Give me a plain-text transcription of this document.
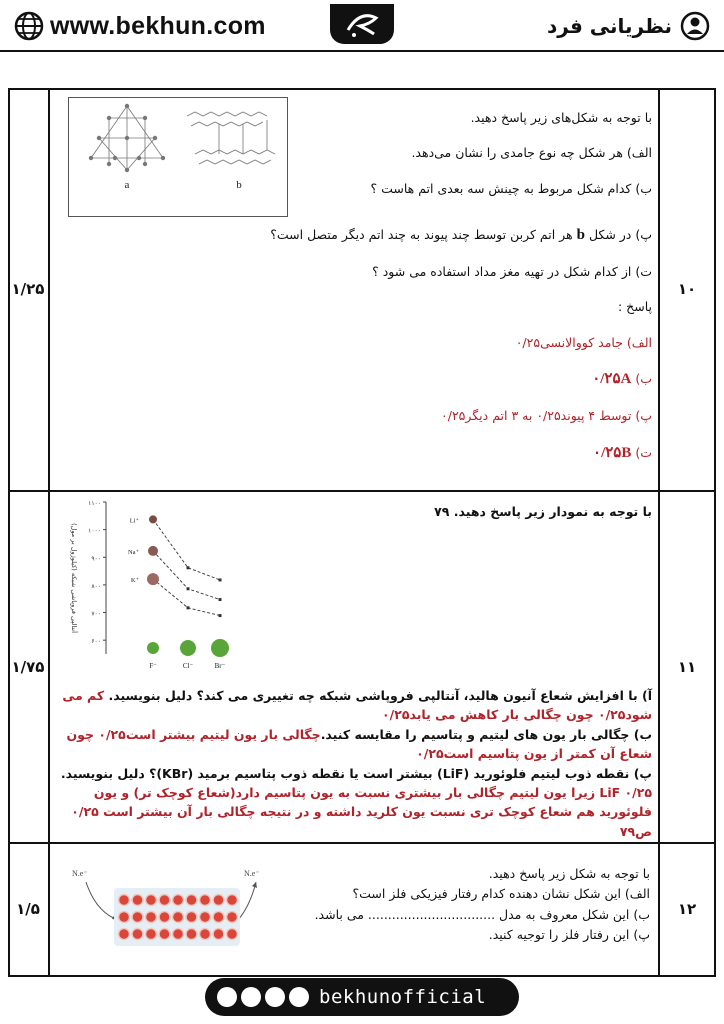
www.bekhun.com	نظریانی فرد
۱۰
۱/۲۵
a	b

با توجه به شکل‌های زیر پاسخ دهید.

الف) هر شکل چه نوع جامدی را نشان می‌دهد.

ب) کدام شکل مربوط به چینش سه بعدی اتم هاست ؟

پ) در شکل b هر اتم کربن توسط چند پیوند به چند اتم دیگر متصل است؟

ت) از کدام شکل در تهیه مغز مداد استفاده می شود ؟

پاسخ :

الف) جامد کووالانسی۰/۲۵

ب) ۰/۲۵A

پ) توسط ۴ پیوند۰/۲۵ به ۳ اتم دیگر۰/۲۵

ت) ۰/۲۵B

۱۱
۱/۷۵
۶۰۰
۷۰۰
۸۰۰
۹۰۰
۱۰۰۰
۱۱۰۰
آنتالپی فروپاشی شبکه (کیلوژول بر مول)
Li⁺
Na⁺
K⁺
F⁻	Cl⁻	Br⁻
با توجه به نمودار زیر پاسخ دهید. ۷۹

آ) با افزایش شعاع آنیون هالید، آنتالپی فروپاشی شبکه چه تغییری می کند؟ دلیل بنویسید. کم می شود۰/۲۵ چون چگالی بار کاهش می یابد۰/۲۵

ب) چگالی بار یون های لیتیم و پتاسیم را مقایسه کنید.چگالی بار یون لیتیم بیشتر است۰/۲۵ چون شعاع آن کمتر از یون پتاسیم است۰/۲۵

پ) نقطه ذوب لیتیم فلوئورید (LiF) بیشتر است یا نقطه ذوب پتاسیم برمید (KBr)؟ دلیل بنویسید. ۰/۲۵ LiF زیرا یون لیتیم چگالی بار بیشتری نسبت به یون پتاسیم دارد(شعاع کوچک تر) و یون فلوئورید هم شعاع کوچک تری نسبت یون کلرید داشته و در نتیجه چگالی بار آن بیشتر است ۰/۲۵ ص۷۹

۱۲
۱/۵
N.e⁻	N.e⁻	با توجه به شکل زیر پاسخ دهید.

الف) این شکل نشان دهنده کدام رفتار فیزیکی فلز است؟

ب) این شکل معروف به مدل ................................ می باشد.

پ) این رفتار فلز را توجیه کنید.

bekhunofficial
